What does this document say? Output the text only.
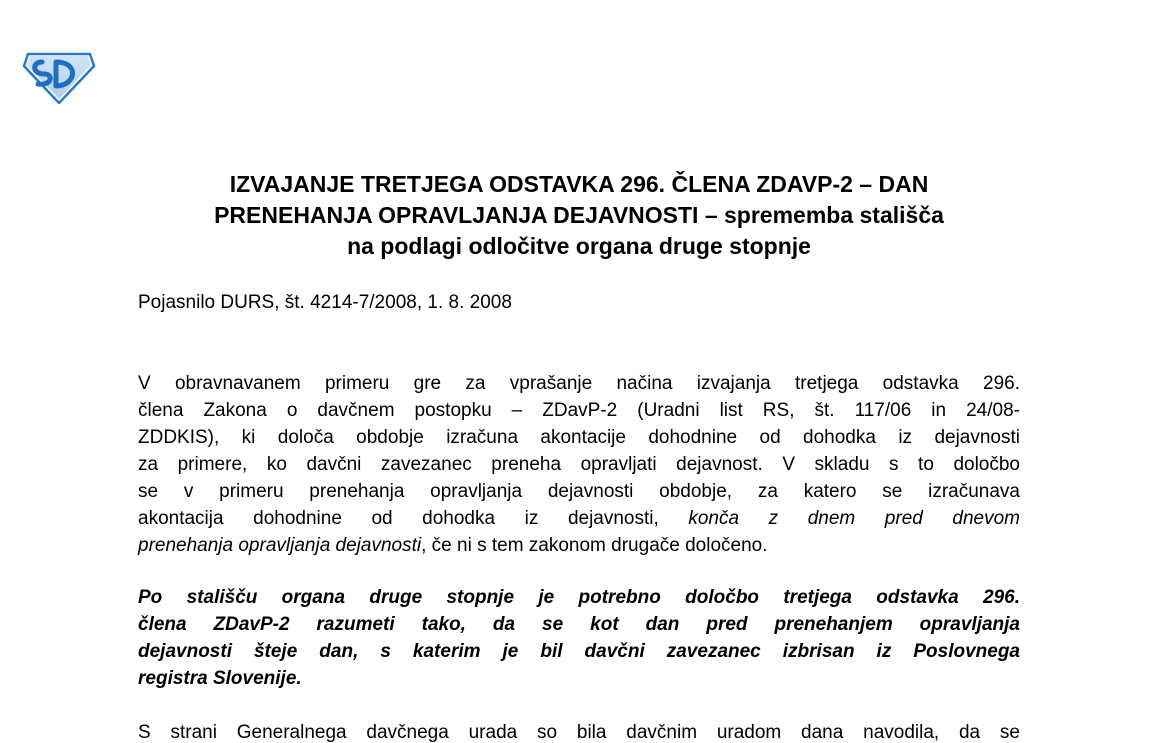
IZVAJANJE TRETJEGA ODSTAVKA 296. ČLENA ZDAVP-2 – DAN
PRENEHANJA OPRAVLJANJA DEJAVNOSTI – sprememba stališča
na podlagi odločitve organa druge stopnje

Pojasnilo DURS, št. 4214-7/2008, 1. 8. 2008

V obravnavanem primeru gre za vprašanje načina izvajanja tretjega odstavka 296.
člena Zakona o davčnem postopku – ZDavP-2 (Uradni list RS, št. 117/06 in 24/08-
ZDDKIS), ki določa obdobje izračuna akontacije dohodnine od dohodka iz dejavnosti
za primere, ko davčni zavezanec preneha opravljati dejavnost. V skladu s to določbo
se v primeru prenehanja opravljanja dejavnosti obdobje, za katero se izračunava
akontacija dohodnine od dohodka iz dejavnosti, konča z dnem pred dnevom
prenehanja opravljanja dejavnosti, če ni s tem zakonom drugače določeno.
Po stališču organa druge stopnje je potrebno določbo tretjega odstavka 296.
člena ZDavP-2 razumeti tako, da se kot dan pred prenehanjem opravljanja
dejavnosti šteje dan, s katerim je bil davčni zavezanec izbrisan iz Poslovnega
registra Slovenije.
S strani Generalnega davčnega urada so bila davčnim uradom dana navodila, da se
